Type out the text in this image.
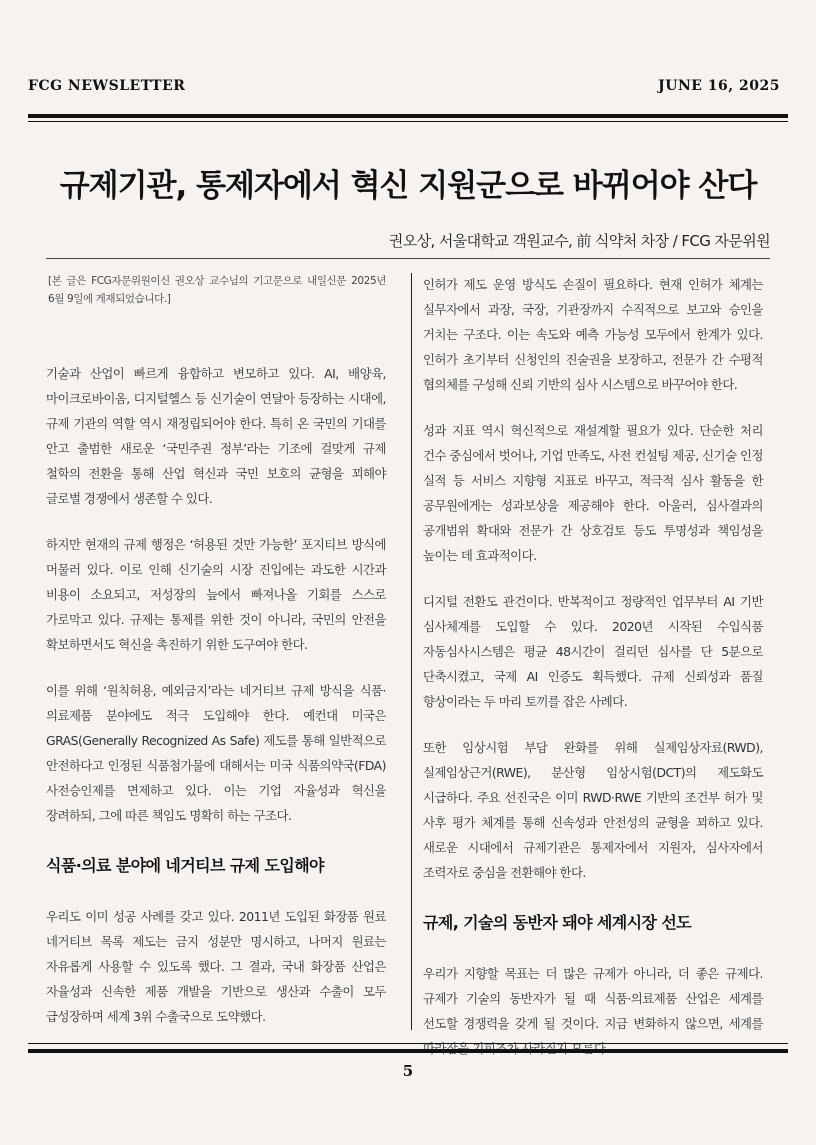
FCG NEWSLETTER	JUNE 16, 2025
규제기관, 통제자에서 혁신 지원군으로 바뀌어야 산다
권오상, 서울대학교 객원교수, 前 식약처 차장 / FCG 자문위원

[본 글은 FCG자문위원이신 권오상 교수님의 기고문으로 내일신문 2025년 6월 9일에 게재되었습니다.]

기술과 산업이 빠르게 융합하고 변모하고 있다. AI, 배양육, 마이크로바이옴, 디지털헬스 등 신기술이 연달아 등장하는 시대에, 규제 기관의 역할 역시 재정립되어야 한다. 특히 온 국민의 기대를 안고 출범한 새로운 ‘국민주권 정부’라는 기조에 걸맞게 규제 철학의 전환을 통해 산업 혁신과 국민 보호의 균형을 꾀해야 글로벌 경쟁에서 생존할 수 있다.

하지만 현재의 규제 행정은 ‘허용된 것만 가능한’ 포지티브 방식에 머물러 있다. 이로 인해 신기술의 시장 진입에는 과도한 시간과 비용이 소요되고, 저성장의 늪에서 빠져나올 기회를 스스로 가로막고 있다. 규제는 통제를 위한 것이 아니라, 국민의 안전을 확보하면서도 혁신을 촉진하기 위한 도구여야 한다.

이를 위해 ‘원칙허용, 예외금지’라는 네거티브 규제 방식을 식품·의료제품 분야에도 적극 도입해야 한다. 예컨대 미국은 GRAS(Generally Recognized As Safe) 제도를 통해 일반적으로 안전하다고 인정된 식품첨가물에 대해서는 미국 식품의약국(FDA) 사전승인제를 면제하고 있다. 이는 기업 자율성과 혁신을 장려하되, 그에 따른 책임도 명확히 하는 구조다.

식품·의료 분야에 네거티브 규제 도입해야

우리도 이미 성공 사례를 갖고 있다. 2011년 도입된 화장품 원료 네거티브 목록 제도는 금지 성분만 명시하고, 나머지 원료는 자유롭게 사용할 수 있도록 했다. 그 결과, 국내 화장품 산업은 자율성과 신속한 제품 개발을 기반으로 생산과 수출이 모두 급성장하며 세계 3위 수출국으로 도약했다.

인허가 제도 운영 방식도 손질이 필요하다. 현재 인허가 체계는 실무자에서 과장, 국장, 기관장까지 수직적으로 보고와 승인을 거치는 구조다. 이는 속도와 예측 가능성 모두에서 한계가 있다. 인허가 초기부터 신청인의 진술권을 보장하고, 전문가 간 수평적 협의체를 구성해 신뢰 기반의 심사 시스템으로 바꾸어야 한다.

성과 지표 역시 혁신적으로 재설계할 필요가 있다. 단순한 처리 건수 중심에서 벗어나, 기업 만족도, 사전 컨설팅 제공, 신기술 인정 실적 등 서비스 지향형 지표로 바꾸고, 적극적 심사 활동을 한 공무원에게는 성과보상을 제공해야 한다. 아울러, 심사결과의 공개범위 확대와 전문가 간 상호검토 등도 투명성과 책임성을 높이는 데 효과적이다.

디지털 전환도 관건이다. 반복적이고 정량적인 업무부터 AI 기반 심사체계를 도입할 수 있다. 2020년 시작된 수입식품 자동심사시스템은 평균 48시간이 걸리던 심사를 단 5분으로 단축시켰고, 국제 AI 인증도 획득했다. 규제 신뢰성과 품질 향상이라는 두 마리 토끼를 잡은 사례다.

또한 임상시험 부담 완화를 위해 실제임상자료(RWD), 실제임상근거(RWE), 분산형 임상시험(DCT)의 제도화도 시급하다. 주요 선진국은 이미 RWD·RWE 기반의 조건부 허가 및 사후 평가 체계를 통해 신속성과 안전성의 균형을 꾀하고 있다. 새로운 시대에서 규제기관은 통제자에서 지원자, 심사자에서 조력자로 중심을 전환해야 한다.

규제, 기술의 동반자 돼야 세계시장 선도

우리가 지향할 목표는 더 많은 규제가 아니라, 더 좋은 규제다. 규제가 기술의 동반자가 될 때 식품·의료제품 산업은 세계를 선도할 경쟁력을 갖게 될 것이다. 지금 변화하지 않으면, 세계를

5
